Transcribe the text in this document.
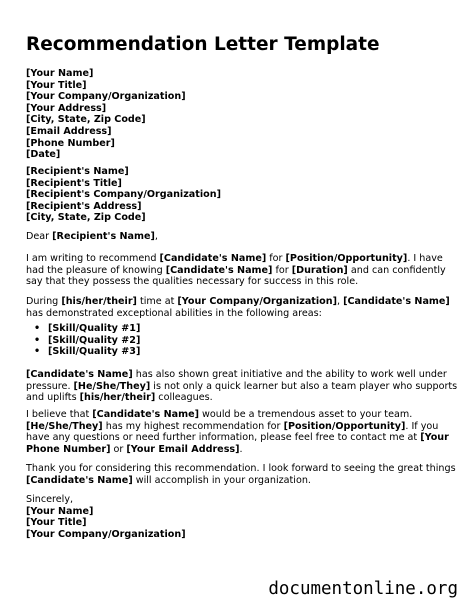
Recommendation Letter Template
[Your Name]
[Your Title]
[Your Company/Organization]
[Your Address]
[City, State, Zip Code]
[Email Address]
[Phone Number]
[Date]
[Recipient's Name]
[Recipient's Title]
[Recipient's Company/Organization]
[Recipient's Address]
[City, State, Zip Code]
Dear [Recipient's Name],
I am writing to recommend [Candidate's Name] for [Position/Opportunity]. I have
had the pleasure of knowing [Candidate's Name] for [Duration] and can confidently
say that they possess the qualities necessary for success in this role.
During [his/her/their] time at [Your Company/Organization], [Candidate's Name]
has demonstrated exceptional abilities in the following areas:
• [Skill/Quality #1]
• [Skill/Quality #2]
• [Skill/Quality #3]
[Candidate's Name] has also shown great initiative and the ability to work well under
pressure. [He/She/They] is not only a quick learner but also a team player who supports
and uplifts [his/her/their] colleagues.
I believe that [Candidate's Name] would be a tremendous asset to your team.
[He/She/They] has my highest recommendation for [Position/Opportunity]. If you
have any questions or need further information, please feel free to contact me at [Your
Phone Number] or [Your Email Address].
Thank you for considering this recommendation. I look forward to seeing the great things
[Candidate's Name] will accomplish in your organization.
Sincerely,
[Your Name]
[Your Title]
[Your Company/Organization]
documentonline.org
